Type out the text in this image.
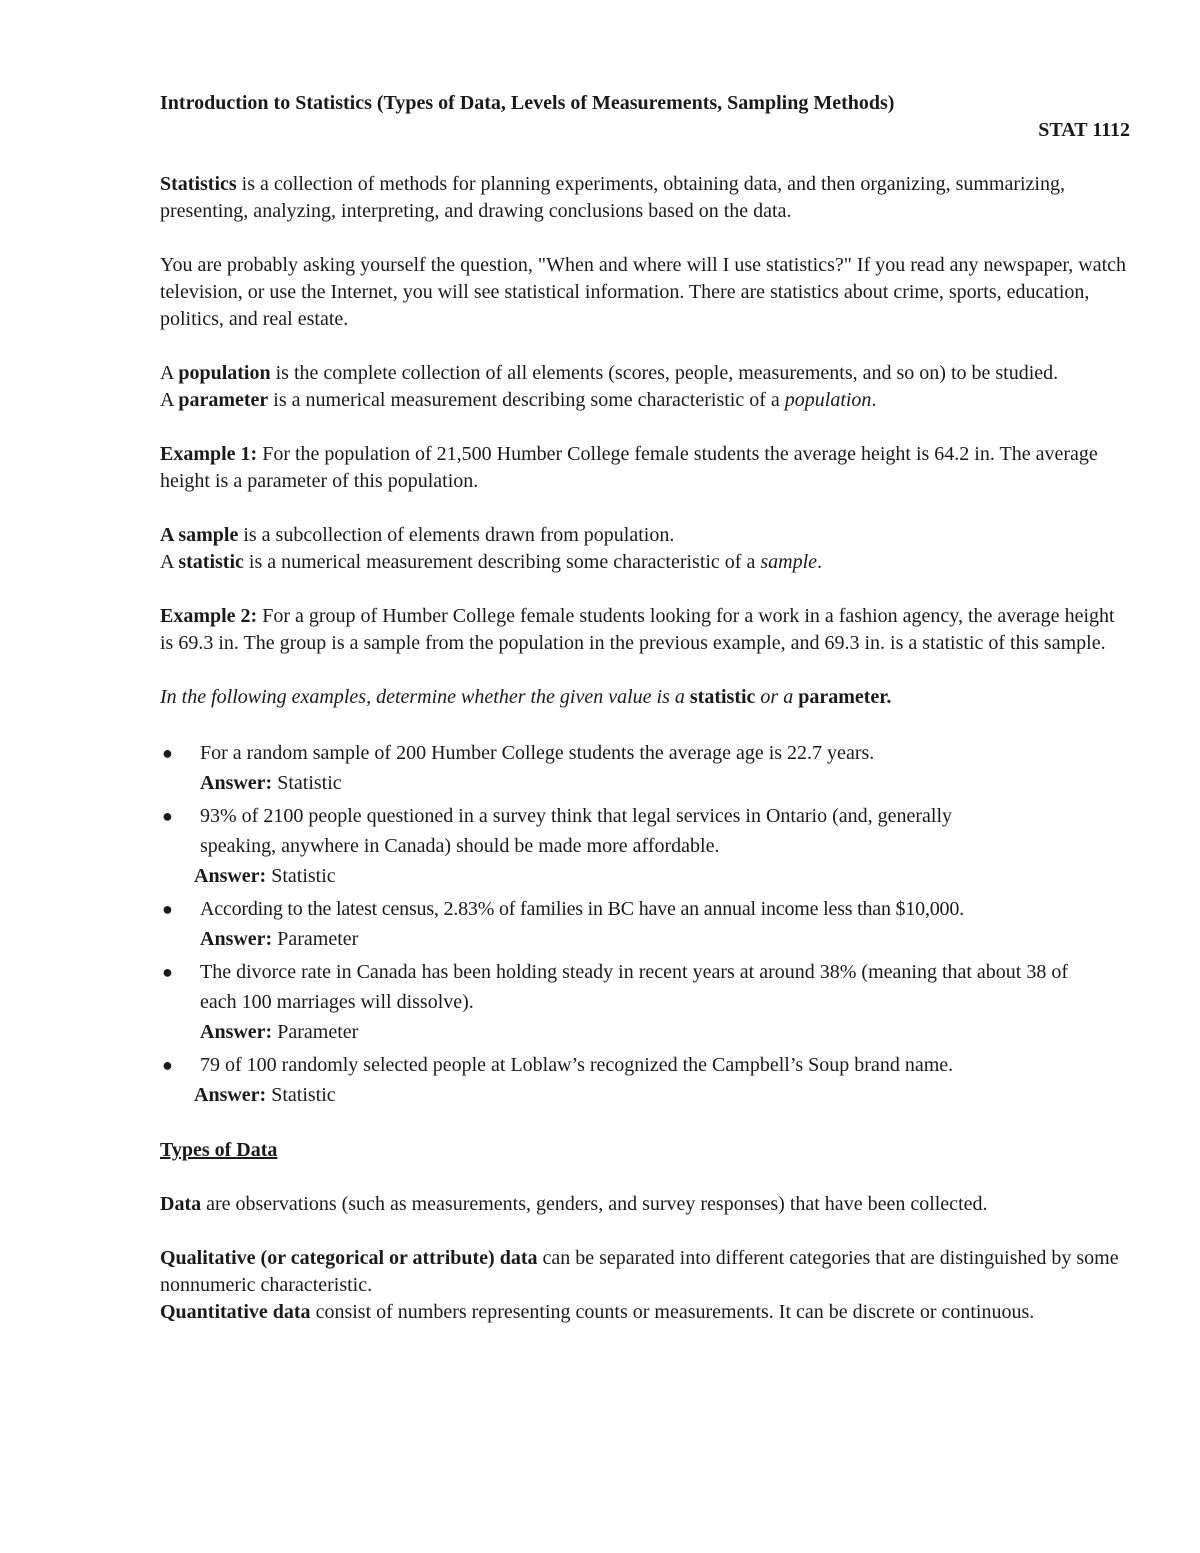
Introduction to Statistics (Types of Data, Levels of Measurements, Sampling Methods)

STAT 1112

Statistics is a collection of methods for planning experiments, obtaining data, and then organizing, summarizing, presenting, analyzing, interpreting, and drawing conclusions based on the data.

You are probably asking yourself the question, "When and where will I use statistics?" If you read any newspaper, watch television, or use the Internet, you will see statistical information. There are statistics about crime, sports, education, politics, and real estate.

A population is the complete collection of all elements (scores, people, measurements, and so on) to be studied.

A parameter is a numerical measurement describing some characteristic of a population.

Example 1: For the population of 21,500 Humber College female students the average height is 64.2 in. The average height is a parameter of this population.

A sample is a subcollection of elements drawn from population.

A statistic is a numerical measurement describing some characteristic of a sample.

Example 2: For a group of Humber College female students looking for a work in a fashion agency, the average height is 69.3 in. The group is a sample from the population in the previous example, and 69.3 in. is a statistic of this sample.

In the following examples, determine whether the given value is a statistic or a parameter.

● For a random sample of 200 Humber College students the average age is 22.7 years.
Answer: Statistic
● 93% of 2100 people questioned in a survey think that legal services in Ontario (and, generally speaking, anywhere in Canada) should be made more affordable.
Answer: Statistic
● According to the latest census, 2.83% of families in BC have an annual income less than $10,000.
Answer: Parameter
● The divorce rate in Canada has been holding steady in recent years at around 38% (meaning that about 38 of each 100 marriages will dissolve).
Answer: Parameter
● 79 of 100 randomly selected people at Loblaw’s recognized the Campbell’s Soup brand name.
Answer: Statistic

Types of Data

Data are observations (such as measurements, genders, and survey responses) that have been collected.

Qualitative (or categorical or attribute) data can be separated into different categories that are distinguished by some nonnumeric characteristic.

Quantitative data consist of numbers representing counts or measurements. It can be discrete or continuous.
